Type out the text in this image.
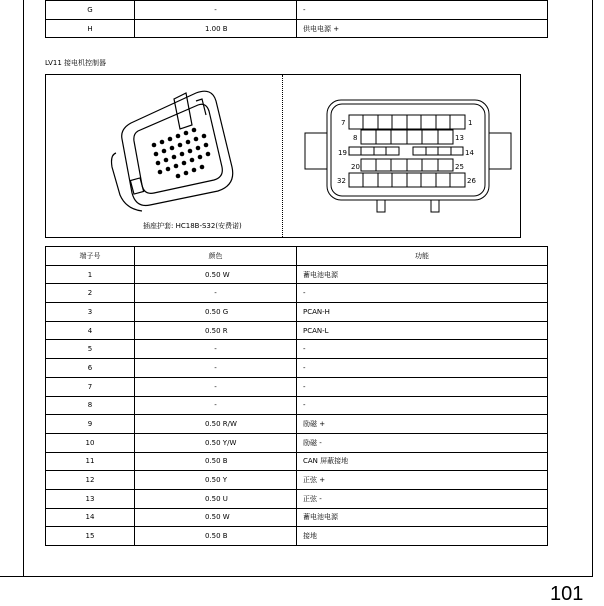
G	-	-

H	1.00 B	供电电源 +
LV11 接电机控制器
插座护套: HC18B-S32(安费诺)
7	1
8	13
19	14
20	25
32	26
端子号	颜色	功能
1	0.50 W	蓄电池电源

2	-	-

3	0.50 G	PCAN-H

4	0.50 R	PCAN-L

5	-	-

6	-	-

7	-	-

8	-	-

9	0.50 R/W	励磁 +

10	0.50 Y/W	励磁 -

11	0.50 B	CAN 屏蔽接地

12	0.50 Y	正弦 +

13	0.50 U	正弦 -

14	0.50 W	蓄电池电源

15	0.50 B	接地
101
